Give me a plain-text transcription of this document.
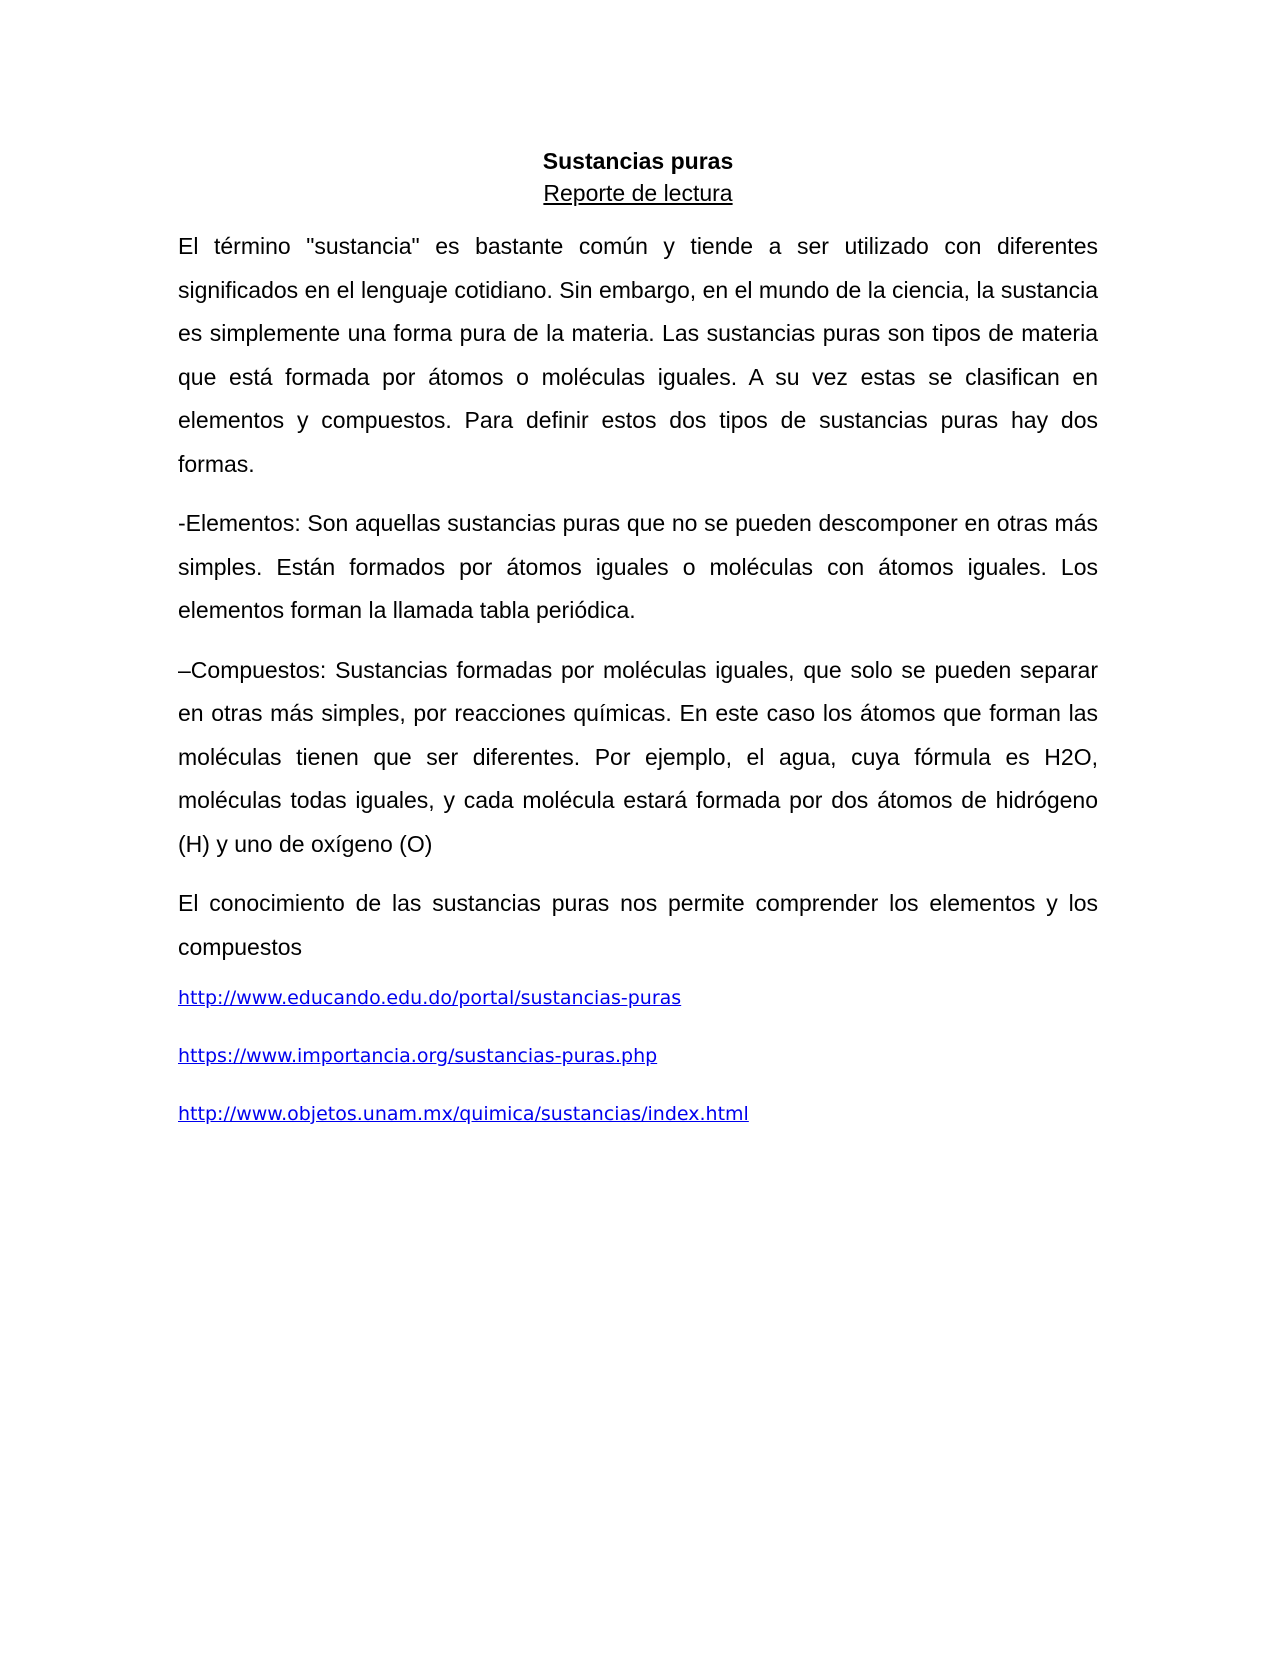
Sustancias puras

Reporte de lectura

El término "sustancia" es bastante común y tiende a ser utilizado con diferentes significados en el lenguaje cotidiano. Sin embargo, en el mundo de la ciencia, la sustancia es simplemente una forma pura de la materia. Las sustancias puras son tipos de materia que está formada por átomos o moléculas iguales. A su vez estas se clasifican en elementos y compuestos. Para definir estos dos tipos de sustancias puras hay dos formas.

-Elementos: Son aquellas sustancias puras que no se pueden descomponer en otras más simples. Están formados por átomos iguales o moléculas con átomos iguales. Los elementos forman la llamada tabla periódica.

–Compuestos: Sustancias formadas por moléculas iguales, que solo se pueden separar en otras más simples, por reacciones químicas. En este caso los átomos que forman las moléculas tienen que ser diferentes. Por ejemplo, el agua, cuya fórmula es H2O, moléculas todas iguales, y cada molécula estará formada por dos átomos de hidrógeno (H) y uno de oxígeno (O)

El conocimiento de las sustancias puras nos permite comprender los elementos y los compuestos

http://www.educando.edu.do/portal/sustancias-puras
https://www.importancia.org/sustancias-puras.php
http://www.objetos.unam.mx/quimica/sustancias/index.html
